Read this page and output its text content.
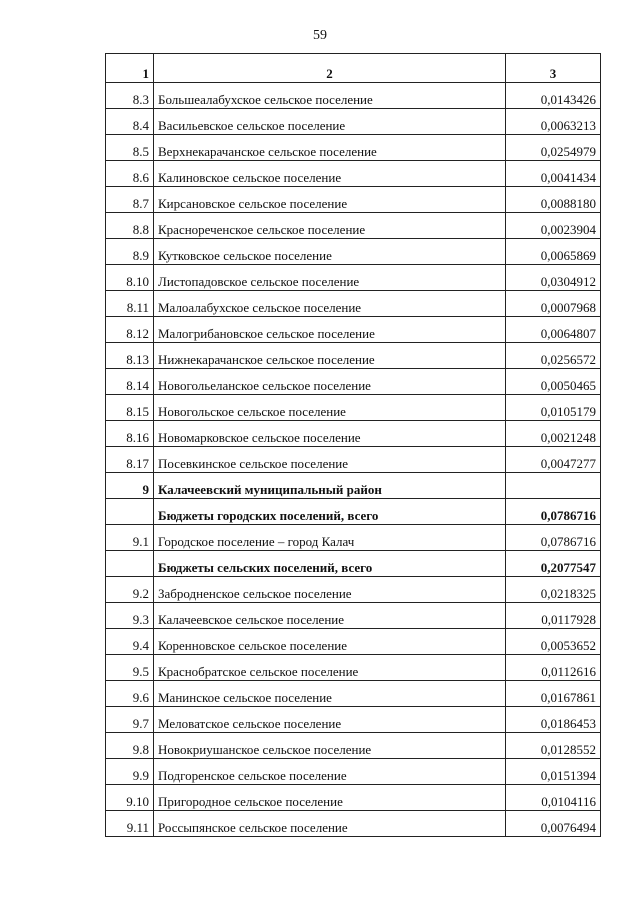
59
1	2	3
8.3	Большеалабухское сельское поселение	0,0143426
8.4	Васильевское сельское поселение	0,0063213
8.5	Верхнекарачанское сельское поселение	0,0254979
8.6	Калиновское сельское поселение	0,0041434
8.7	Кирсановское сельское поселение	0,0088180
8.8	Краснореченское сельское поселение	0,0023904
8.9	Кутковское сельское поселение	0,0065869
8.10	Листопадовское сельское поселение	0,0304912
8.11	Малоалабухское сельское поселение	0,0007968
8.12	Малогрибановское сельское поселение	0,0064807
8.13	Нижнекарачанское сельское поселение	0,0256572
8.14	Новогольеланское сельское поселение	0,0050465
8.15	Новогольское сельское поселение	0,0105179
8.16	Новомарковское сельское поселение	0,0021248
8.17	Посевкинское сельское поселение	0,0047277
9	Калачеевский муниципальный район	
	Бюджеты городских поселений, всего	0,0786716
9.1	Городское поселение – город Калач	0,0786716
	Бюджеты сельских поселений, всего	0,2077547
9.2	Забродненское сельское поселение	0,0218325
9.3	Калачеевское сельское поселение	0,0117928
9.4	Коренновское сельское поселение	0,0053652
9.5	Краснобратское сельское поселение	0,0112616
9.6	Манинское сельское поселение	0,0167861
9.7	Меловатское сельское поселение	0,0186453
9.8	Новокриушанское сельское поселение	0,0128552
9.9	Подгоренское сельское поселение	0,0151394
9.10	Пригородное сельское поселение	0,0104116
9.11	Россыпянское сельское поселение	0,0076494
